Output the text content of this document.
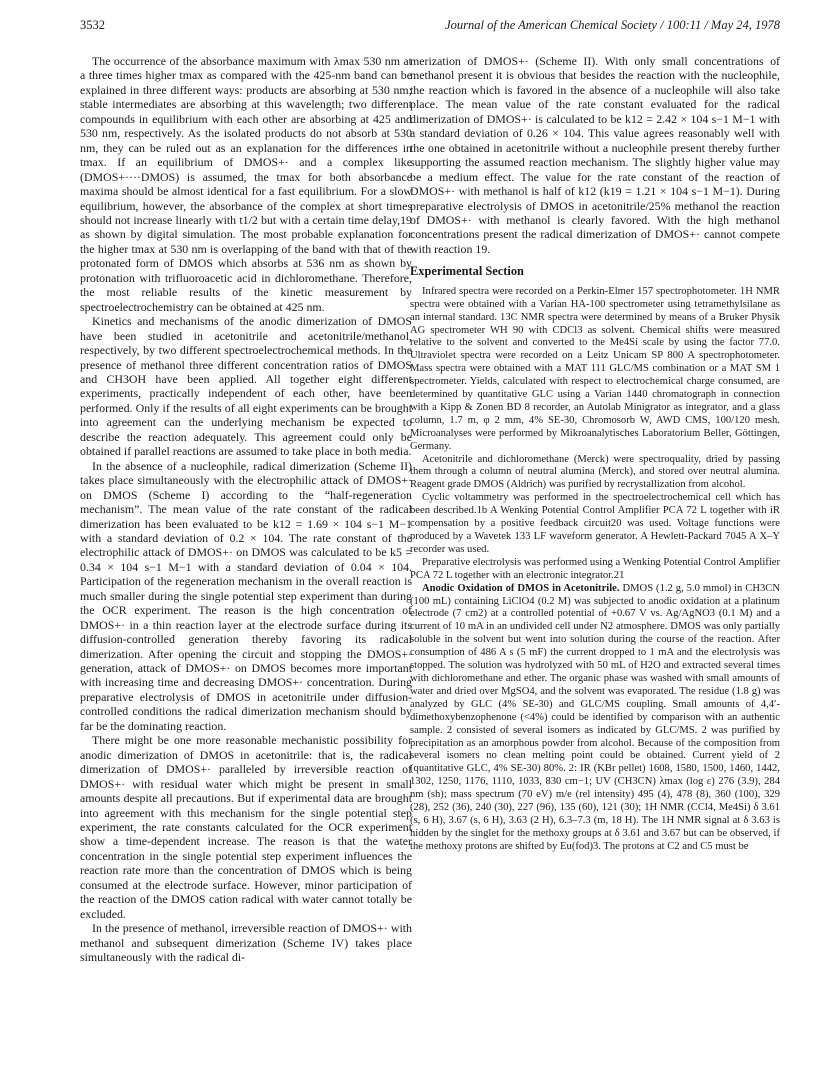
3532	Journal of the American Chemical Society / 100:11 / May 24, 1978

The occurrence of the absorbance maximum with λmax 530 nm at a three times higher tmax as compared with the 425-nm band can be explained in three different ways: products are absorbing at 530 nm; stable intermediates are absorbing at this wavelength; two different compounds in equilibrium with each other are absorbing at 425 and 530 nm, respectively. As the isolated products do not absorb at 530 nm, they can be ruled out as an explanation for the differences in tmax. If an equilibrium of DMOS+· and a complex like (DMOS+····DMOS) is assumed, the tmax for both absorbance maxima should be almost identical for a fast equilibrium. For a slow equilibrium, however, the absorbance of the complex at short times should not increase linearly with t1/2 but with a certain time delay,19 as shown by digital simulation. The most probable explanation for the higher tmax at 530 nm is overlapping of the band with that of the protonated form of DMOS which absorbs at 536 nm as shown by protonation with trifluoroacetic acid in dichloromethane. Therefore, the most reliable results of the kinetic measurement by spectroelectrochemistry can be obtained at 425 nm.

Kinetics and mechanisms of the anodic dimerization of DMOS have been studied in acetonitrile and acetonitrile/methanol, respectively, by two different spectroelectrochemical methods. In the presence of methanol three different concentration ratios of DMOS and CH3OH have been applied. All together eight different experiments, practically independent of each other, have been performed. Only if the results of all eight experiments can be brought into agreement can the underlying mechanism be expected to describe the reaction adequately. This agreement could only be obtained if parallel reactions are assumed to take place in both media.

In the absence of a nucleophile, radical dimerization (Scheme II) takes place simultaneously with the electrophilic attack of DMOS+· on DMOS (Scheme I) according to the “half-regeneration mechanism”. The mean value of the rate constant of the radical dimerization has been evaluated to be k12 = 1.69 × 104 s−1 M−1 with a standard deviation of 0.2 × 104. The rate constant of the electrophilic attack of DMOS+· on DMOS was calculated to be k5 = 0.34 × 104 s−1 M−1 with a standard deviation of 0.04 × 104. Participation of the regeneration mechanism in the overall reaction is much smaller during the single potential step experiment than during the OCR experiment. The reason is the high concentration of DMOS+· in a thin reaction layer at the electrode surface during its diffusion-controlled generation thereby favoring its radical dimerization. After opening the circuit and stopping the DMOS+· generation, attack of DMOS+· on DMOS becomes more important with increasing time and decreasing DMOS+· concentration. During preparative electrolysis of DMOS in acetonitrile under diffusion-controlled conditions the radical dimerization mechanism should by far be the dominating reaction.

There might be one more reasonable mechanistic possibility for anodic dimerization of DMOS in acetonitrile: that is, the radical dimerization of DMOS+· paralleled by irreversible reaction of DMOS+· with residual water which might be present in small amounts despite all precautions. But if experimental data are brought into agreement with this mechanism for the single potential step experiment, the rate constants calculated for the OCR experiment show a time-dependent increase. The reason is that the water concentration in the single potential step experiment influences the reaction rate more than the concentration of DMOS which is being consumed at the electrode surface. However, minor participation of the reaction of the DMOS cation radical with water cannot totally be excluded.

In the presence of methanol, irreversible reaction of DMOS+· with methanol and subsequent dimerization (Scheme IV) takes place simultaneously with the radical di-

merization of DMOS+· (Scheme II). With only small concentrations of methanol present it is obvious that besides the reaction with the nucleophile, the reaction which is favored in the absence of a nucleophile will also take place. The mean value of the rate constant evaluated for the radical dimerization of DMOS+· is calculated to be k12 = 2.42 × 104 s−1 M−1 with a standard deviation of 0.26 × 104. This value agrees reasonably well with the one obtained in acetonitrile without a nucleophile present thereby further supporting the assumed reaction mechanism. The slightly higher value may be a medium effect. The value for the rate constant of the reaction of DMOS+· with methanol is half of k12 (k19 = 1.21 × 104 s−1 M−1). During preparative electrolysis of DMOS in acetonitrile/25% methanol the reaction of DMOS+· with methanol is clearly favored. With the high methanol concentrations present the radical dimerization of DMOS+· cannot compete with reaction 19.

Experimental Section

Infrared spectra were recorded on a Perkin-Elmer 157 spectrophotometer. 1H NMR spectra were obtained with a Varian HA-100 spectrometer using tetramethylsilane as an internal standard. 13C NMR spectra were determined by means of a Bruker Physik AG spectrometer WH 90 with CDCl3 as solvent. Chemical shifts were measured relative to the solvent and converted to the Me4Si scale by using the factor 77.0. Ultraviolet spectra were recorded on a Leitz Unicam SP 800 A spectrophotometer. Mass spectra were obtained with a MAT 111 GLC/MS combination or a MAT SM 1 spectrometer. Yields, calculated with respect to electrochemical charge consumed, are determined by quantitative GLC using a Varian 1440 chromatograph in connection with a Kipp & Zonen BD 8 recorder, an Autolab Minigrator as integrator, and a glass column, 1.7 m, φ 2 mm, 4% SE-30, Chromosorb W, AWD CMS, 100/120 mesh. Microanalyses were performed by Mikroanalytisches Laboratorium Beller, Göttingen, Germany.

Acetonitrile and dichloromethane (Merck) were spectroquality, dried by passing them through a column of neutral alumina (Merck), and stored over neutral alumina. Reagent grade DMOS (Aldrich) was purified by recrystallization from alcohol.

Cyclic voltammetry was performed in the spectroelectrochemical cell which has been described.1b A Wenking Potential Control Amplifier PCA 72 L together with iR compensation by a positive feedback circuit20 was used. Voltage functions were produced by a Wavetek 133 LF waveform generator. A Hewlett-Packard 7045 A X–Y recorder was used.

Preparative electrolysis was performed using a Wenking Potential Control Amplifier PCA 72 L together with an electronic integrator.21

Anodic Oxidation of DMOS in Acetonitrile. DMOS (1.2 g, 5.0 mmol) in CH3CN (100 mL) containing LiClO4 (0.2 M) was subjected to anodic oxidation at a platinum electrode (7 cm2) at a controlled potential of +0.67 V vs. Ag/AgNO3 (0.1 M) and a current of 10 mA in an undivided cell under N2 atmosphere. DMOS was only partially soluble in the solvent but went into solution during the course of the reaction. After consumption of 486 A s (5 mF) the current dropped to 1 mA and the electrolysis was stopped. The solution was hydrolyzed with 50 mL of H2O and extracted several times with dichloromethane and ether. The organic phase was washed with small amounts of water and dried over MgSO4, and the solvent was evaporated. The residue (1.8 g) was analyzed by GLC (4% SE-30) and GLC/MS coupling. Small amounts of 4,4′-dimethoxybenzophenone (<4%) could be identified by comparison with an authentic sample. 2 consisted of several isomers as indicated by GLC/MS. 2 was purified by precipitation as an amorphous powder from alcohol. Because of the composition from several isomers no clean melting point could be obtained. Current yield of 2 (quantitative GLC, 4% SE-30) 80%. 2: IR (KBr pellet) 1608, 1580, 1500, 1460, 1442, 1302, 1250, 1176, 1110, 1033, 830 cm−1; UV (CH3CN) λmax (log ε) 276 (3.9), 284 nm (sh); mass spectrum (70 eV) m/e (rel intensity) 495 (4), 478 (8), 360 (100), 329 (28), 252 (36), 240 (30), 227 (96), 135 (60), 121 (30); 1H NMR (CCl4, Me4Si) δ 3.61 (s, 6 H), 3.67 (s, 6 H), 3.63 (2 H), 6.3–7.3 (m, 18 H). The 1H NMR signal at δ 3.63 is hidden by the singlet for the methoxy groups at δ 3.61 and 3.67 but can be observed, if the methoxy protons are shifted by Eu(fod)3. The protons at C2 and C5 must be
